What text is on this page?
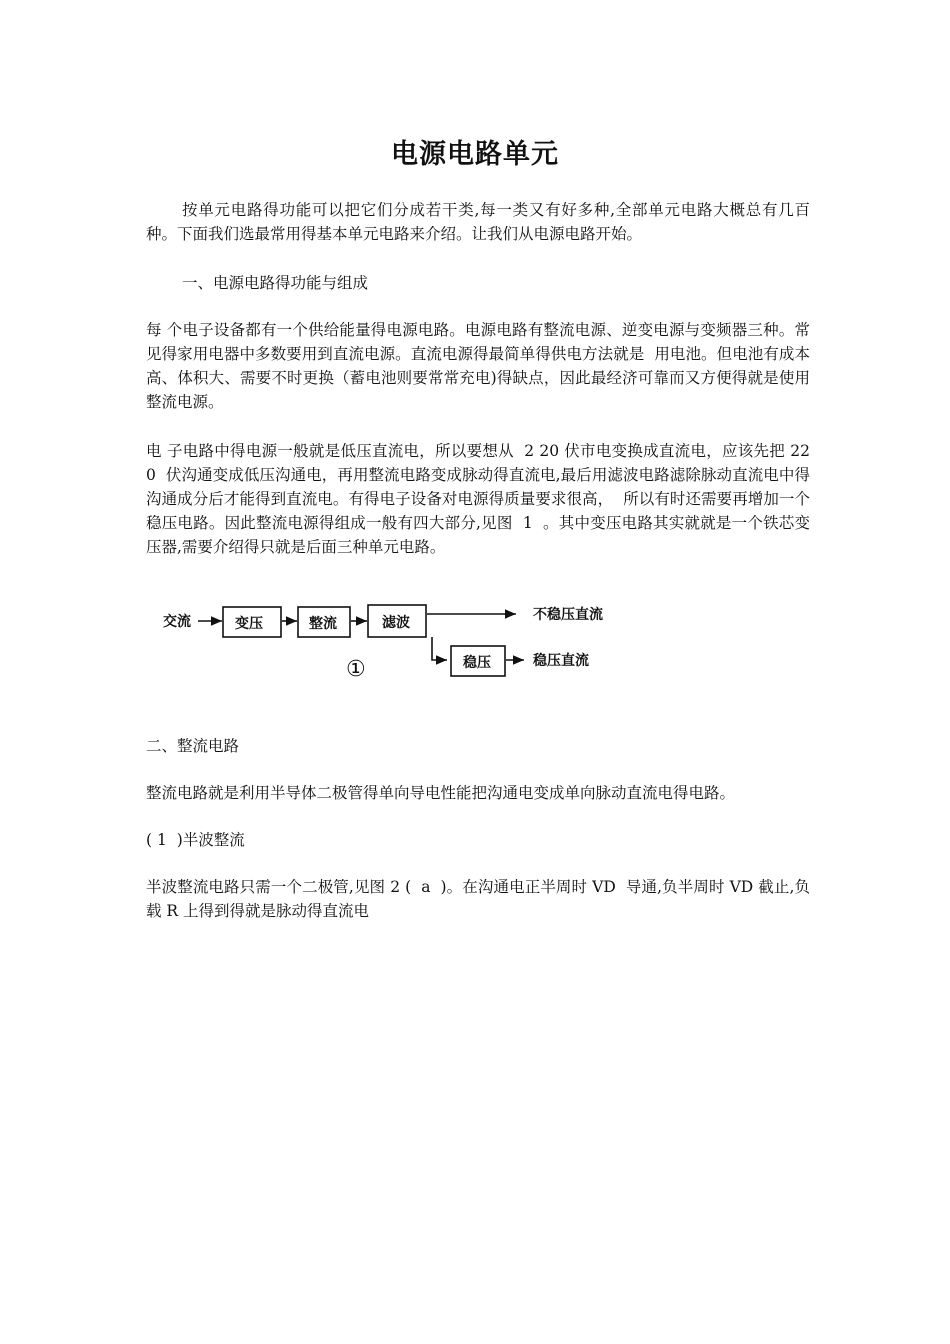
电源电路单元

按单元电路得功能可以把它们分成若干类,每一类又有好多种,全部单元电路大概总有几百种。下面我们选最常用得基本单元电路来介绍。让我们从电源电路开始。

一、电源电路得功能与组成

每 个电子设备都有一个供给能量得电源电路。电源电路有整流电源、逆变电源与变频器三种。常见得家用电器中多数要用到直流电源。直流电源得最简单得供电方法就是  用电池。但电池有成本高、体积大、需要不时更换（蓄电池则要常常充电)得缺点，因此最经济可靠而又方便得就是使用整流电源。

电 子电路中得电源一般就是低压直流电，所以要想从  2 20 伏市电变换成直流电，应该先把 22 0  伏沟通变成低压沟通电，再用整流电路变成脉动得直流电,最后用滤波电路滤除脉动直流电中得沟通成分后才能得到直流电。有得电子设备对电源得质量要求很高，  所以有时还需要再增加一个稳压电路。因此整流电源得组成一般有四大部分,见图  1  。其中变压电路其实就就是一个铁芯变压器,需要介绍得只就是后面三种单元电路。

交流	变压	整流	滤波	不稳压直流
稳压	稳压直流
①

二、整流电路

整流电路就是利用半导体二极管得单向导电性能把沟通电变成单向脉动直流电得电路。

( 1  )半波整流

半波整流电路只需一个二极管,见图 2 (  a  )。在沟通电正半周时 VD  导通,负半周时 VD 截止,负载 R 上得到得就是脉动得直流电
